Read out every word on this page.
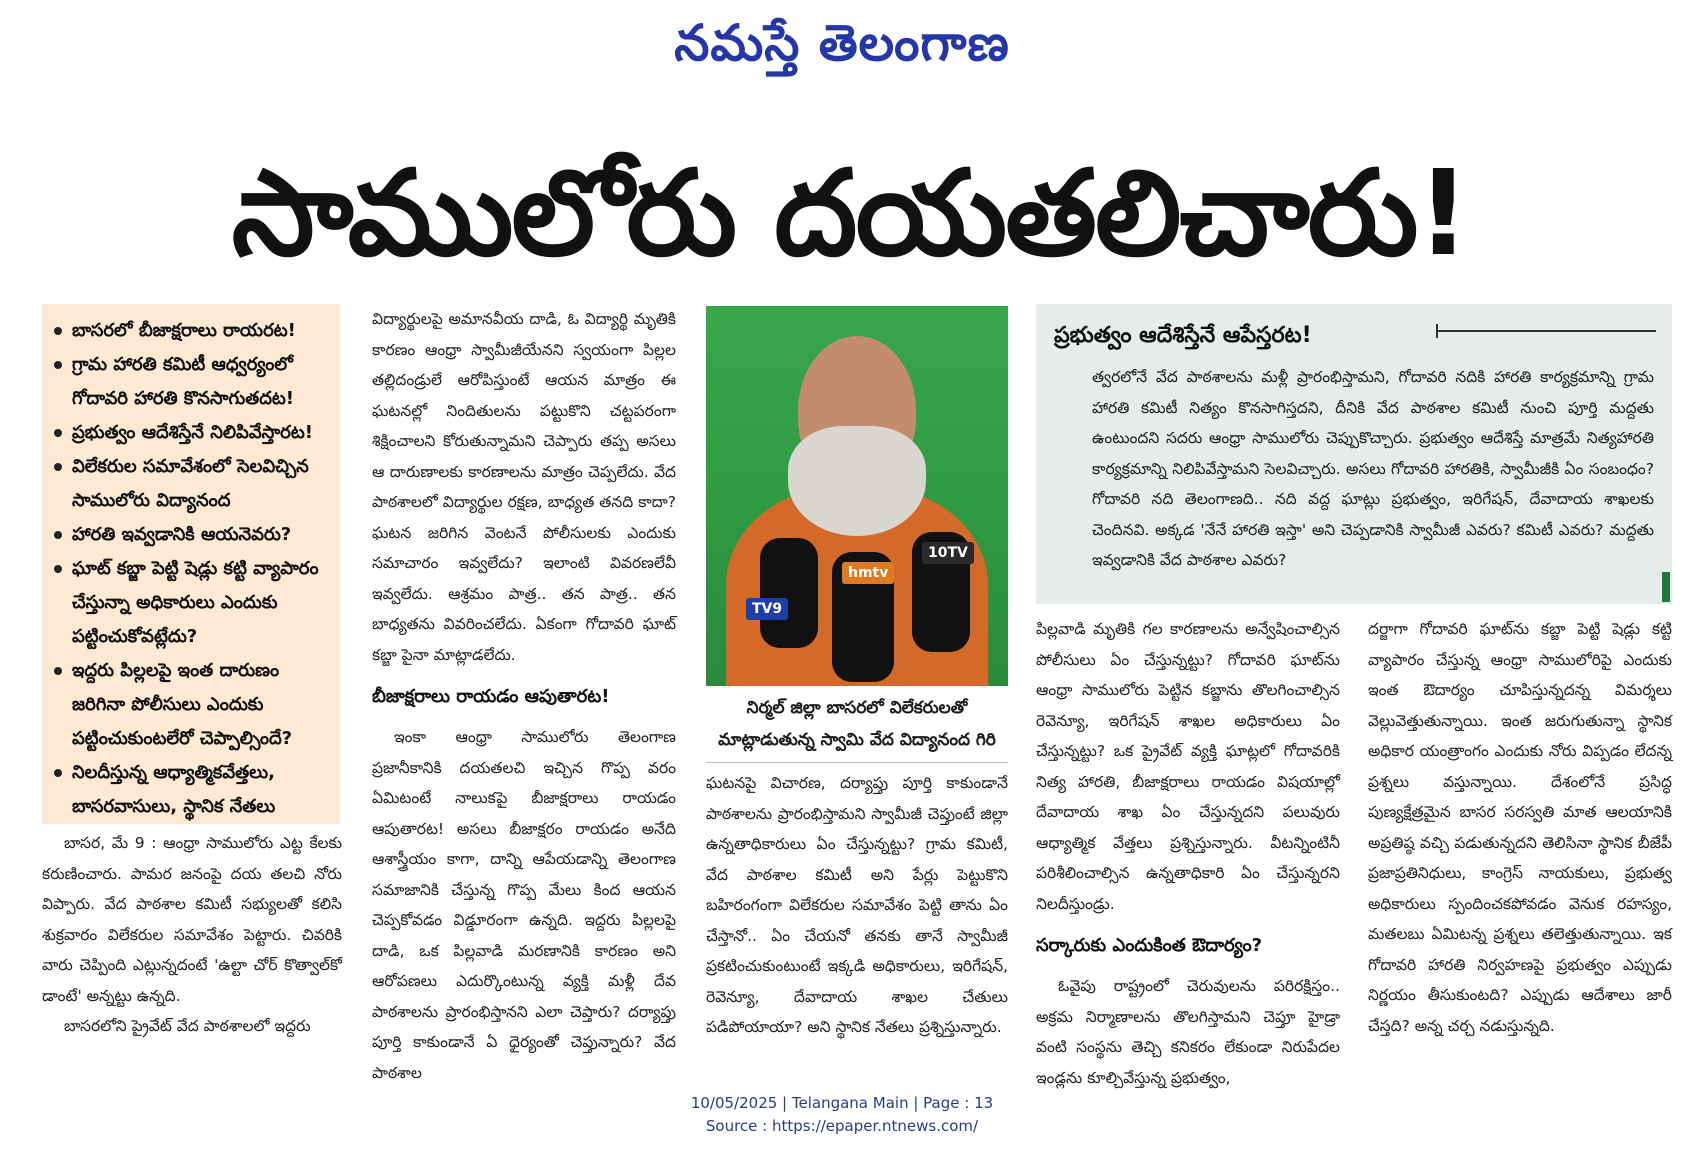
నమస్తే తెలంగాణ
సాములోరు దయతలిచారు!
బాసరలో బీజాక్షరాలు రాయరట!
గ్రామ హారతి కమిటీ ఆధ్వర్యంలో గోదావరి హారతి కొనసాగుతదట!
ప్రభుత్వం ఆదేశిస్తేనే నిలిపివేస్తారట!
విలేకరుల సమావేశంలో సెలవిచ్చిన సాములోరు విద్యానంద
హారతి ఇవ్వడానికి ఆయనెవరు?
ఘాట్ కబ్జా పెట్టి షెడ్లు కట్టి వ్యాపారం చేస్తున్నా అధికారులు ఎందుకు పట్టించుకోవట్లేదు?
ఇద్దరు పిల్లలపై ఇంత దారుణం జరిగినా పోలీసులు ఎందుకు పట్టించుకుంటలేరో చెప్పాల్సిందే?
నిలదీస్తున్న ఆధ్యాత్మికవేత్తలు, బాసరవాసులు, స్థానిక నేతలు

బాసర, మే 9 : ఆంధ్రా సాములోరు ఎట్ట కేలకు కరుణించారు. పామర జనంపై దయ తలచి నోరు విప్పారు. వేద పాఠశాల కమిటీ సభ్యులతో కలిసి శుక్రవారం విలేకరుల సమావేశం పెట్టారు. చివరికి వారు చెప్పింది ఎట్లున్నదంటే 'ఉల్టా చోర్ కొత్వాల్‌కో డాంటే' అన్నట్టు ఉన్నది.

బాసరలోని ప్రైవేట్ వేద పాఠశాలలో ఇద్దరు

విద్యార్థులపై అమానవీయ దాడి, ఓ విద్యార్థి మృతికి కారణం ఆంధ్రా స్వామీజీయేనని స్వయంగా పిల్లల తల్లిదండ్రులే ఆరోపిస్తుంటే ఆయన మాత్రం ఈ ఘటనల్లో నిందితులను పట్టుకొని చట్టపరంగా శిక్షించాలని కోరుతున్నామని చెప్పారు తప్ప అసలు ఆ దారుణాలకు కారణాలను మాత్రం చెప్పలేదు. వేద పాఠశాలలో విద్యార్థుల రక్షణ, బాధ్యత తనది కాదా? ఘటన జరిగిన వెంటనే పోలీసులకు ఎందుకు సమాచారం ఇవ్వలేదు? ఇలాంటి వివరణలేవీ ఇవ్వలేదు. ఆశ్రమం పాత్ర.. తన పాత్ర.. తన బాధ్యతను వివరించలేదు. ఏకంగా గోదావరి ఘాట్ కబ్జా పైనా మాట్లాడలేదు.

బీజాక్షరాలు రాయడం ఆపుతారట!

ఇంకా ఆంధ్రా సాములోరు తెలంగాణ ప్రజానీకానికి దయతలచి ఇచ్చిన గొప్ప వరం ఏమిటంటే నాలుకపై బీజాక్షరాలు రాయడం ఆపుతారట! అసలు బీజాక్షరం రాయడం అనేది ఆశాస్త్రీయం కాగా, దాన్ని ఆపేయడాన్ని తెలంగాణ సమాజానికి చేస్తున్న గొప్ప మేలు కింద ఆయన చెప్పకోవడం విడ్డూరంగా ఉన్నది. ఇద్దరు పిల్లలపై దాడి, ఒక పిల్లవాడి మరణానికి కారణం అని ఆరోపణలు ఎదుర్కొంటున్న వ్యక్తి మళ్లీ దేవ పాఠశాలను ప్రారంభిస్తానని ఎలా చెప్తారు? దర్యాప్తు పూర్తి కాకుండానే ఏ ధైర్యంతో చెప్తున్నారు? వేద పాఠశాల

hmtv
TV9
10TV
నిర్మల్ జిల్లా బాసరలో విలేకరులతో మాట్లాడుతున్న స్వామి వేద విద్యానంద గిరి

ఘటనపై విచారణ, దర్యాప్తు పూర్తి కాకుండానే పాఠశాలను ప్రారంభిస్తామని స్వామీజీ చెప్తుంటే జిల్లా ఉన్నతాధికారులు ఏం చేస్తున్నట్టు? గ్రామ కమిటీ, వేద పాఠశాల కమిటీ అని పేర్లు పెట్టుకొని బహిరంగంగా విలేకరుల సమావేశం పెట్టి తాను ఏం చేస్తానో.. ఏం చేయనో తనకు తానే స్వామీజీ ప్రకటించుకుంటుంటే ఇక్కడి అధికారులు, ఇరిగేషన్, రెవెన్యూ, దేవాదాయ శాఖల చేతులు పడిపోయాయా? అని స్థానిక నేతలు ప్రశ్నిస్తున్నారు.

ప్రభుత్వం ఆదేశిస్తేనే ఆపేస్తరట!
త్వరలోనే వేద పాఠశాలను మళ్లీ ప్రారంభిస్తామని, గోదావరి నదికి హారతి కార్యక్రమాన్ని గ్రామ హారతి కమిటీ నిత్యం కొనసాగిస్తదని, దీనికి వేద పాఠశాల కమిటీ నుంచి పూర్తి మద్దతు ఉంటుందని సదరు ఆంధ్రా సాములోరు చెప్పుకొచ్చారు. ప్రభుత్వం ఆదేశిస్తే మాత్రమే నిత్యహారతి కార్యక్రమాన్ని నిలిపివేస్తామని సెలవిచ్చారు. అసలు గోదావరి హారతికి, స్వామీజీకి ఏం సంబంధం? గోదావరి నది తెలంగాణది.. నది వద్ద ఘాట్లు ప్రభుత్వం, ఇరిగేషన్, దేవాదాయ శాఖలకు చెందినవి. అక్కడ 'నేనే హారతి ఇస్తా' అని చెప్పడానికి స్వామీజీ ఎవరు? కమిటీ ఎవరు? మద్దతు ఇవ్వడానికి వేద పాఠశాల ఎవరు?

పిల్లవాడి మృతికి గల కారణాలను అన్వేషించాల్సిన పోలీసులు ఏం చేస్తున్నట్టు? గోదావరి ఘాట్‌ను ఆంధ్రా సాములోరు పెట్టిన కబ్జాను తొలగించాల్సిన రెవెన్యూ, ఇరిగేషన్ శాఖల అధికారులు ఏం చేస్తున్నట్టు? ఒక ప్రైవేట్ వ్యక్తి ఘాట్లలో గోదావరికి నిత్య హారతి, బీజాక్షరాలు రాయడం విషయాల్లో దేవాదాయ శాఖ ఏం చేస్తున్నదని పలువురు ఆధ్యాత్మిక వేత్తలు ప్రశ్నిస్తున్నారు. వీటన్నింటినీ పరిశీలించాల్సిన ఉన్నతాధికారి ఏం చేస్తున్నరని నిలదీస్తుండ్రు.

సర్కారుకు ఎందుకింత ఔదార్యం?

ఓవైపు రాష్ట్రంలో చెరువులను పరిరక్షిస్తం.. అక్రమ నిర్మాణాలను తొలగిస్తామని చెప్తూ హైడ్రా వంటి సంస్థను తెచ్చి కనికరం లేకుండా నిరుపేదల ఇండ్లను కూల్చివేస్తున్న ప్రభుత్వం,

దర్జాగా గోదావరి ఘాట్‌ను కబ్జా పెట్టి షెడ్లు కట్టి వ్యాపారం చేస్తున్న ఆంధ్రా సాములోరిపై ఎందుకు ఇంత ఔదార్యం చూపిస్తున్నదన్న విమర్శలు వెల్లువెత్తుతున్నాయి. ఇంత జరుగుతున్నా స్థానిక అధికార యంత్రాంగం ఎందుకు నోరు విప్పడం లేదన్న ప్రశ్నలు వస్తున్నాయి. దేశంలోనే ప్రసిద్ధ పుణ్యక్షేత్రమైన బాసర సరస్వతి మాత ఆలయానికి అప్రతిష్ఠ వచ్చి పడుతున్నదని తెలిసినా స్థానిక బీజేపీ ప్రజాప్రతినిధులు, కాంగ్రెస్ నాయకులు, ప్రభుత్వ అధికారులు స్పందించకపోవడం వెనుక రహస్యం, మతలబు ఏమిటన్న ప్రశ్నలు తలెత్తుతున్నాయి. ఇక గోదావరి హారతి నిర్వహణపై ప్రభుత్వం ఎప్పుడు నిర్ణయం తీసుకుంటది? ఎప్పుడు ఆదేశాలు జారీ చేస్తది? అన్న చర్చ నడుస్తున్నది.

10/05/2025 | Telangana Main | Page : 13
Source : https://epaper.ntnews.com/
